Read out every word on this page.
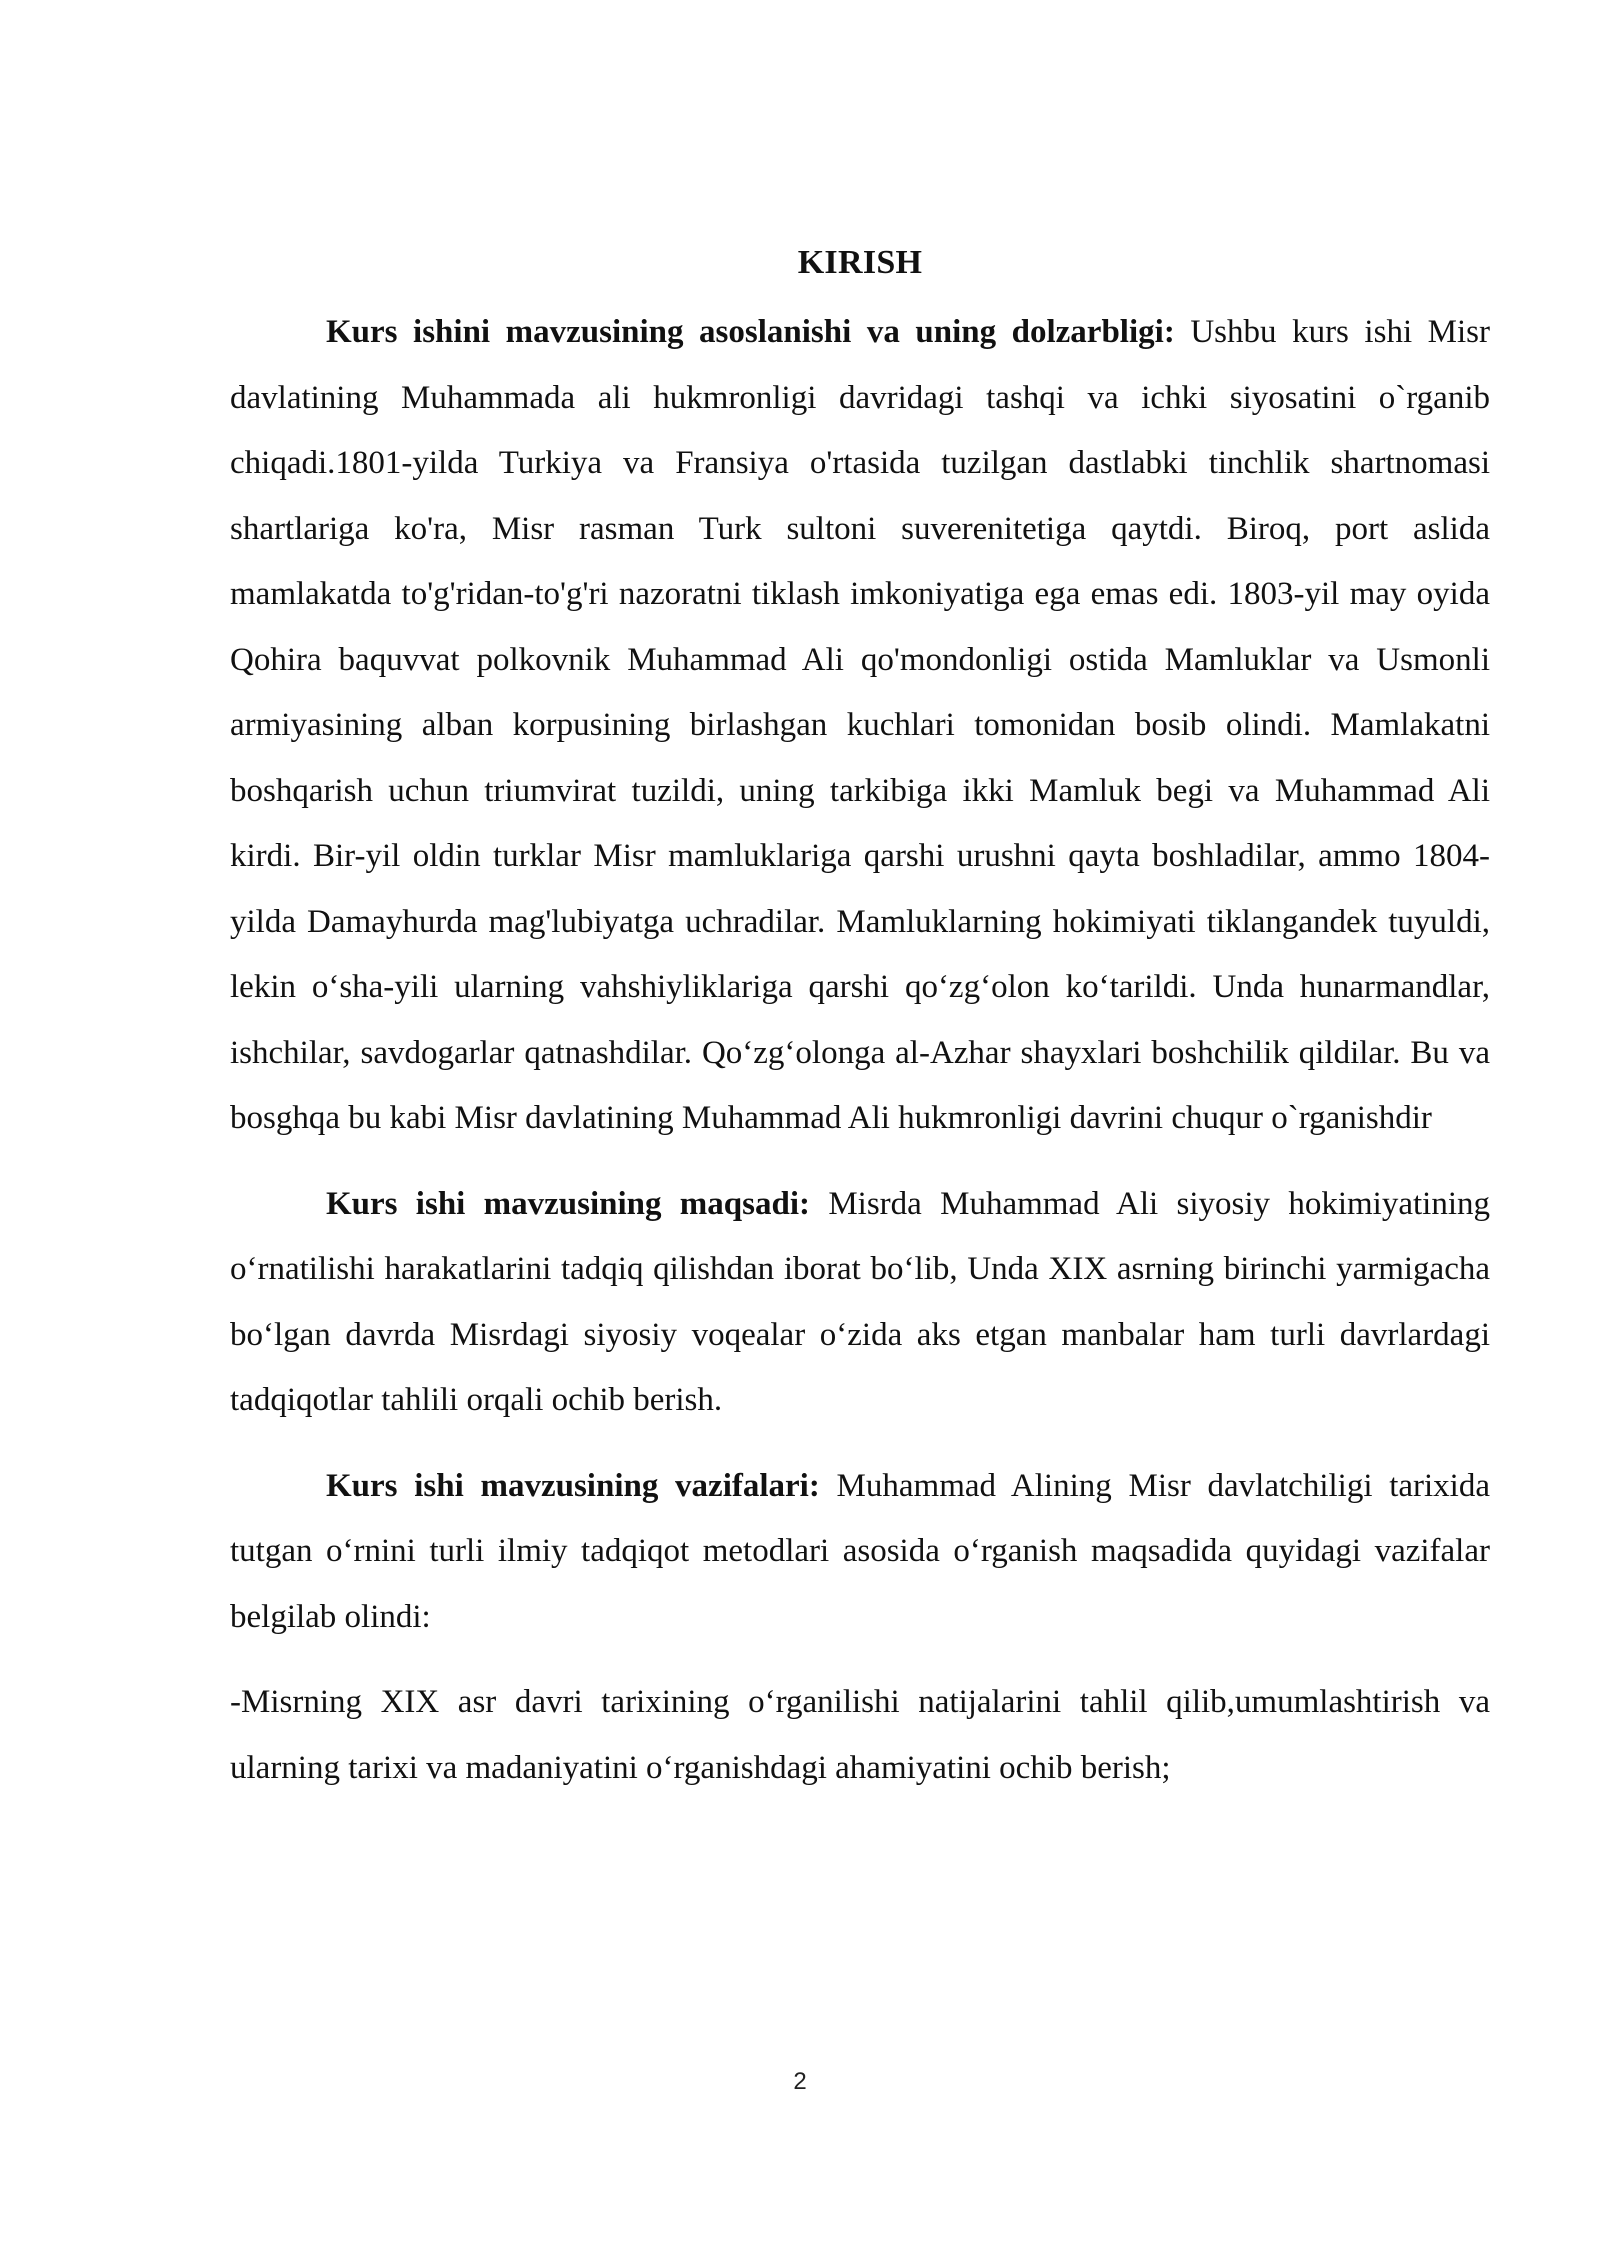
KIRISH

Kurs ishini mavzusining asoslanishi va uning dolzarbligi: Ushbu kurs ishi Misr davlatining Muhammada ali hukmronligi davridagi tashqi va ichki siyosatini o`rganib chiqadi.1801-yilda Turkiya va Fransiya o'rtasida tuzilgan dastlabki tinchlik shartnomasi shartlariga ko'ra, Misr rasman Turk sultoni suverenitetiga qaytdi. Biroq, port aslida mamlakatda to'g'ridan-to'g'ri nazoratni tiklash imkoniyatiga ega emas edi. 1803-yil may oyida Qohira baquvvat polkovnik Muhammad Ali qo'mondonligi ostida Mamluklar va Usmonli armiyasining alban korpusining birlashgan kuchlari tomonidan bosib olindi. Mamlakatni boshqarish uchun triumvirat tuzildi, uning tarkibiga ikki Mamluk begi va Muhammad Ali kirdi. Bir-yil oldin turklar Misr mamluklariga qarshi urushni qayta boshladilar, ammo 1804-yilda Damayhurda mag'lubiyatga uchradilar. Mamluklarning hokimiyati tiklangandek tuyuldi, lekin o‘sha-yili ularning vahshiyliklariga qarshi qo‘zg‘olon ko‘tarildi. Unda hunarmandlar, ishchilar, savdogarlar qatnashdilar. Qo‘zg‘olonga al-Azhar shayxlari boshchilik qildilar. Bu va bosghqa bu kabi Misr davlatining Muhammad Ali hukmronligi davrini chuqur o`rganishdir

Kurs ishi mavzusining maqsadi: Misrda Muhammad Ali siyosiy hokimiyatining o‘rnatilishi harakatlarini tadqiq qilishdan iborat bo‘lib, Unda XIX asrning birinchi yarmigacha bo‘lgan davrda Misrdagi siyosiy voqealar o‘zida aks etgan manbalar ham turli davrlardagi tadqiqotlar tahlili orqali ochib berish.

Kurs ishi mavzusining vazifalari: Muhammad Alining Misr davlatchiligi tarixida tutgan o‘rnini turli ilmiy tadqiqot metodlari asosida o‘rganish maqsadida quyidagi vazifalar belgilab olindi:

-Misrning XIX asr davri tarixining o‘rganilishi natijalarini tahlil qilib,umumlashtirish va ularning tarixi va madaniyatini o‘rganishdagi ahamiyatini ochib berish;

2
